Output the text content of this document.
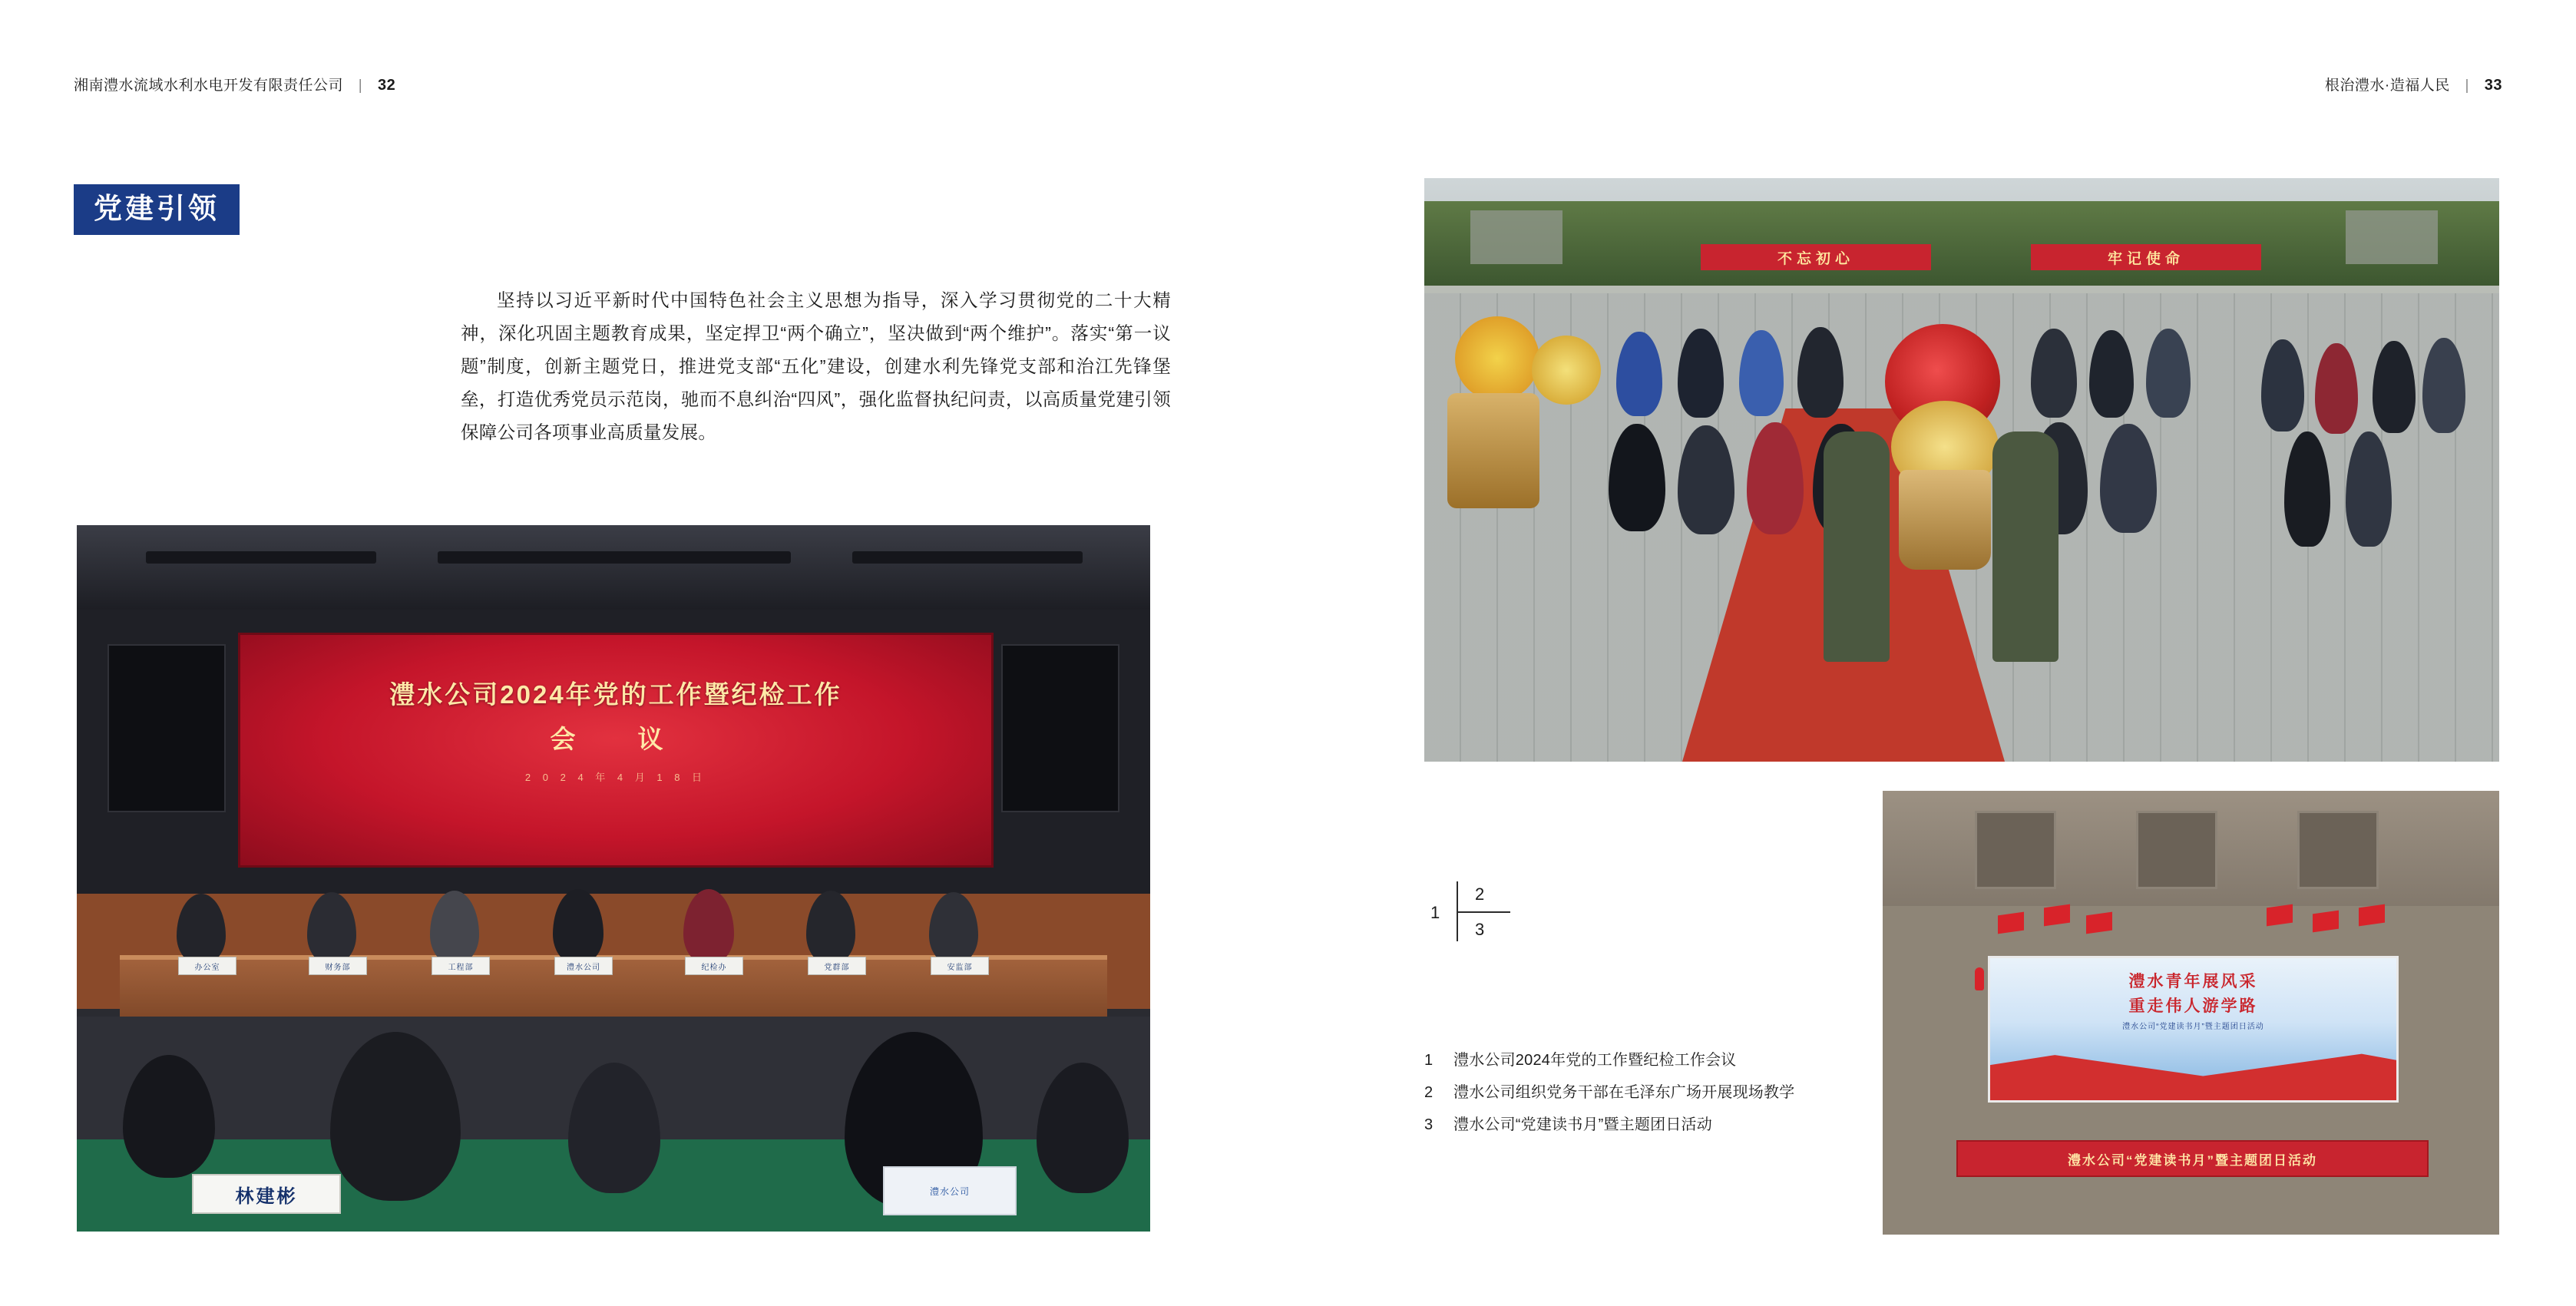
湘南澧水流域水利水电开发有限责任公司 | 32	根治澧水·造福人民 | 33
党建引领
坚持以习近平新时代中国特色社会主义思想为指导，深入学习贯彻党的二十大精神，深化巩固主题教育成果，坚定捍卫“两个确立”，坚决做到“两个维护”。落实“第一议题”制度，创新主题党日，推进党支部“五化”建设，创建水利先锋党支部和治江先锋堡垒，打造优秀党员示范岗，驰而不息纠治“四风”，强化监督执纪问责，以高质量党建引领保障公司各项事业高质量发展。
澧水公司2024年党的工作暨纪检工作
会　议
2 0 2 4 年 4 月 1 8 日
办公室	财务部	工程部	澧水公司	纪检办	党群部	安监部
林建彬	澧水公司
不忘初心	牢记使命
澧水青年展风采
重走伟人游学路
澧水公司“党建读书月”暨主题团日活动
澧水公司“党建读书月”暨主题团日活动
1
2
3
1	澧水公司2024年党的工作暨纪检工作会议
2	澧水公司组织党务干部在毛泽东广场开展现场教学
3	澧水公司“党建读书月”暨主题团日活动
